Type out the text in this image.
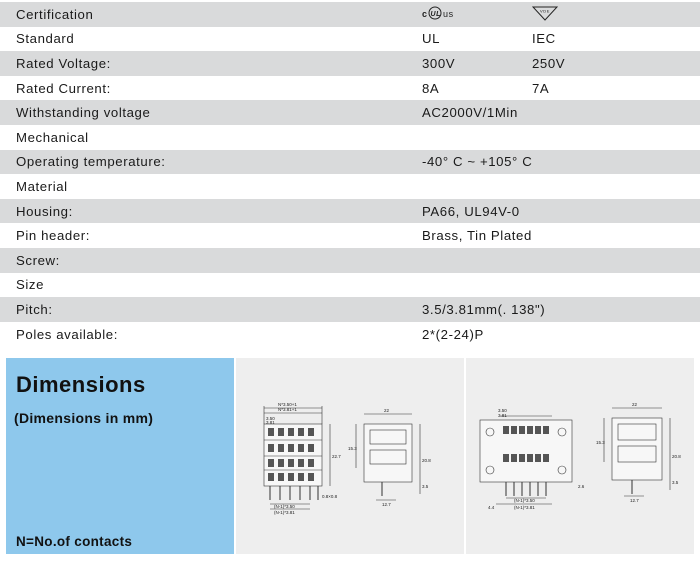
Certification	c UL us	VDE
Standard	UL	IEC
Rated Voltage:	300V	250V
Rated Current:	8A	7A
Withstanding voltage	AC2000V/1Min
Mechanical
Operating temperature:	-40° C ~ +105° C
Material
Housing:	PA66, UL94V-0
Pin header:	Brass, Tin Plated
Screw:
Size
Pitch:	3.5/3.81mm(. 138")
Poles available:	2*(2-24)P
Dimensions
(Dimensions in mm)
N=No.of contacts
N*3.50+1
N*3.81+1
3.50
3.81
22.7
(N-1)*3.50
(N-1)*3.81
0.8×0.8
22
15.3
20.8
3.5
12.7
3.50
3.81
(N-1)*3.50
4.4	(N-1)*3.81
2.6
22
15.3
20.8
3.5
12.7
